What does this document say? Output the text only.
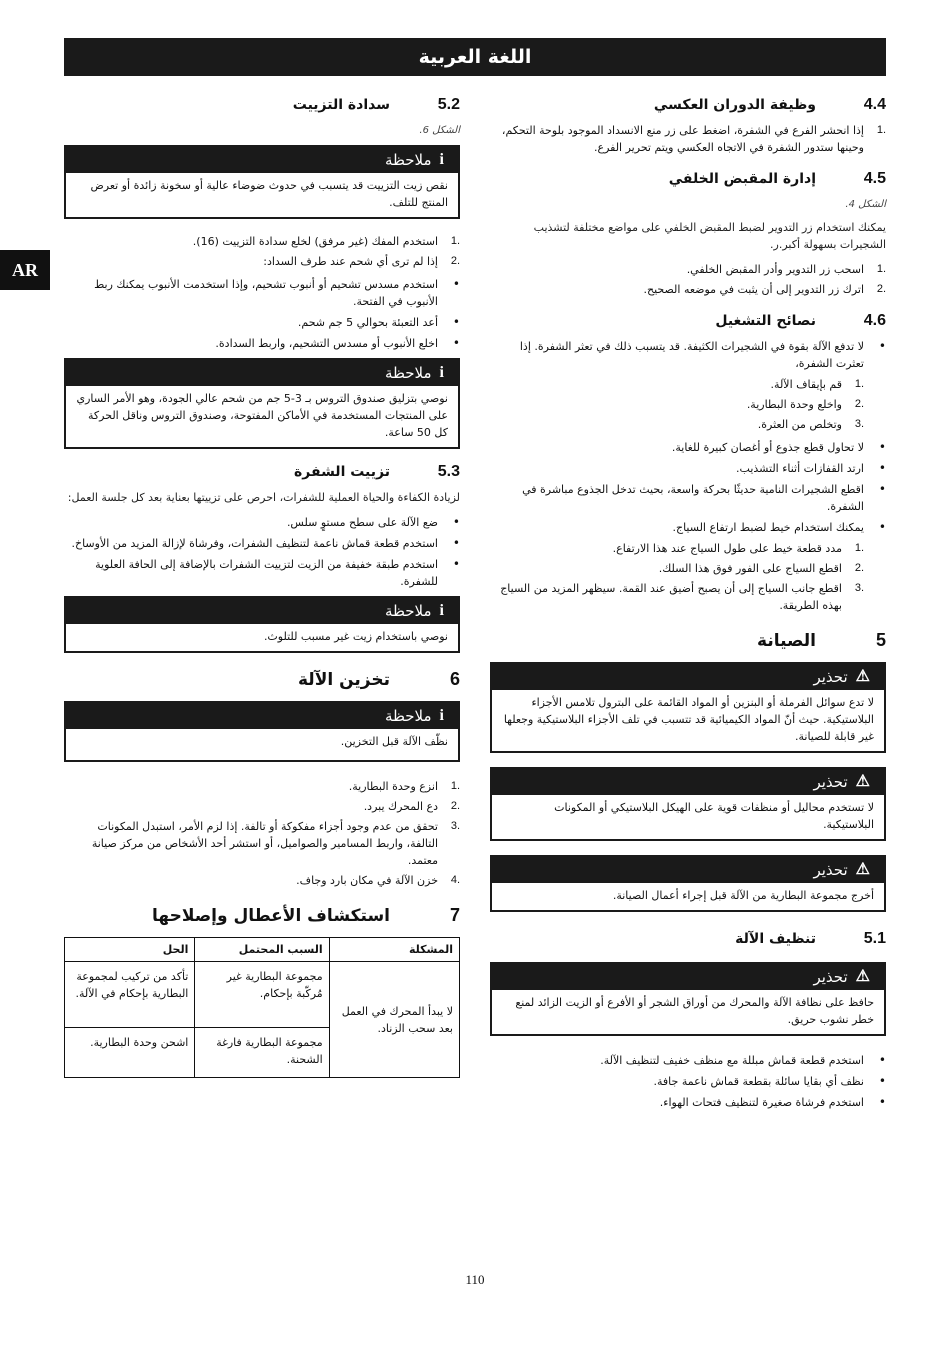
اللغة العربية
AR
4.4
وظيفة الدوران العكسي
.1
إذا انحشر الفرع في الشفرة، اضغط على زر منع الانسداد الموجود بلوحة التحكم، وحينها ستدور الشفرة في الاتجاه العكسي ويتم تحرير الفرع.
4.5
إدارة المقبض الخلفي
الشكل 4.

يمكنك استخدام زر التدوير لضبط المقبض الخلفي على مواضع مختلفة لتشذيب الشجيرات بسهولة أكبر.ر.

.1
اسحب زر التدوير وأدر المقبض الخلفي.
.2
اترك زر التدوير إلى أن يثبت في موضعه الصحيح.
4.6
نصائح التشغيل
•
لا تدفع الآلة بقوة في الشجيرات الكثيفة. قد يتسبب ذلك في تعثر الشفرة. إذا تعثرت الشفرة،
.1
قم بإيقاف الآلة.
.2
واخلع وحدة البطارية.
.3
وتخلص من العثرة.
•
لا تحاول قطع جذوع أو أغصان كبيرة للغاية.
•
ارتد القفازات أثناء التشذيب.
•
اقطع الشجيرات النامية حديثًا بحركة واسعة، بحيث تدخل الجذوع مباشرة في الشفرة.
•
يمكنك استخدام خيط لضبط ارتفاع السياج.
.1
مدد قطعة خيط على طول السياج عند هذا الارتفاع.
.2
اقطع السياج على الفور فوق هذا السلك.
.3
اقطع جانب السياج إلى أن يصبح أضيق عند القمة. سيظهر المزيد من السياج بهذه الطريقة.
5
الصيانة
⚠
تحذير
لا تدع سوائل الفرملة أو البنزين أو المواد القائمة على البترول تلامس الأجزاء البلاستيكية. حيث أنّ المواد الكيميائية قد تتسبب في تلف الأجزاء البلاستيكية وجعلها غير قابلة للصيانة.
⚠
تحذير
لا تستخدم محاليل أو منظفات قوية على الهيكل البلاستيكي أو المكونات البلاستيكية.
⚠
تحذير
أخرج مجموعة البطارية من الآلة قبل إجراء أعمال الصيانة.
5.1
تنظيف الآلة
⚠
تحذير
حافظ على نظافة الآلة والمحرك من أوراق الشجر أو الأفرع أو الزيت الزائد لمنع خطر نشوب حريق.
•
استخدم قطعة قماش مبللة مع منظف خفيف لتنظيف الآلة.
•
نظف أي بقايا سائلة بقطعة قماش ناعمة جافة.
•
استخدم فرشاة صغيرة لتنظيف فتحات الهواء.
5.2
سدادة التزييت
الشكل 6.
i
ملاحظة
نقص زيت التزييت قد يتسبب في حدوث ضوضاء عالية أو سخونة زائدة أو تعرض المنتج للتلف.
.1
استخدم المفك (غير مرفق) لخلع سدادة التزييت (16).
.2
إذا لم ترى أي شحم عند طرف السداد:
•
استخدم مسدس تشحيم أو أنبوب تشحيم، وإذا استخدمت الأنبوب يمكنك ربط الأنبوب في الفتحة.
•
أعد التعبئة بحوالي 5 جم شحم.
•
اخلع الأنبوب أو مسدس التشحيم، واربط السدادة.
i
ملاحظة
نوصي بتزليق صندوق التروس بـ 3-5 جم من شحم عالي الجودة، وهو الأمر الساري على المنتجات المستخدمة في الأماكن المفتوحة، وصندوق التروس وناقل الحركة كل 50 ساعة.
5.3
تزييت الشفرة

لزيادة الكفاءة والحياة العملية للشفرات، احرص على تزييتها بعناية بعد كل جلسة العمل:

•
ضع الآلة على سطح مستوٍ سلس.
•
استخدم قطعة قماش ناعمة لتنظيف الشفرات، وفرشاة لإزالة المزيد من الأوساخ.
•
استخدم طبقة خفيفة من الزيت لتزييت الشفرات بالإضافة إلى الحافة العلوية للشفرة.
i
ملاحظة
نوصي باستخدام زيت غير مسبب للتلوث.
6
تخزين الآلة
i
ملاحظة
نظّف الآلة قبل التخزين.
.1
انزع وحدة البطارية.
.2
دع المحرك يبرد.
.3
تحقق من عدم وجود أجزاء مفكوكة أو تالفة. إذا لزم الأمر، استبدل المكونات التالفة، واربط المسامير والصواميل، أو استشر أحد الأشخاص من مركز صيانة معتمد.
.4
خزن الآلة في مكان بارد وجاف.
7
استكشاف الأعطال وإصلاحها
المشكلة	السبب المحتمل	الحل
لا يبدأ المحرك في العمل بعد سحب الزناد.	مجموعة البطارية غير مُركّبة بإحكام.	تأكد من تركيب لمجموعة البطارية بإحكام في الآلة.
	مجموعة البطارية فارغة الشحنة.	اشحن وحدة البطارية.
110
